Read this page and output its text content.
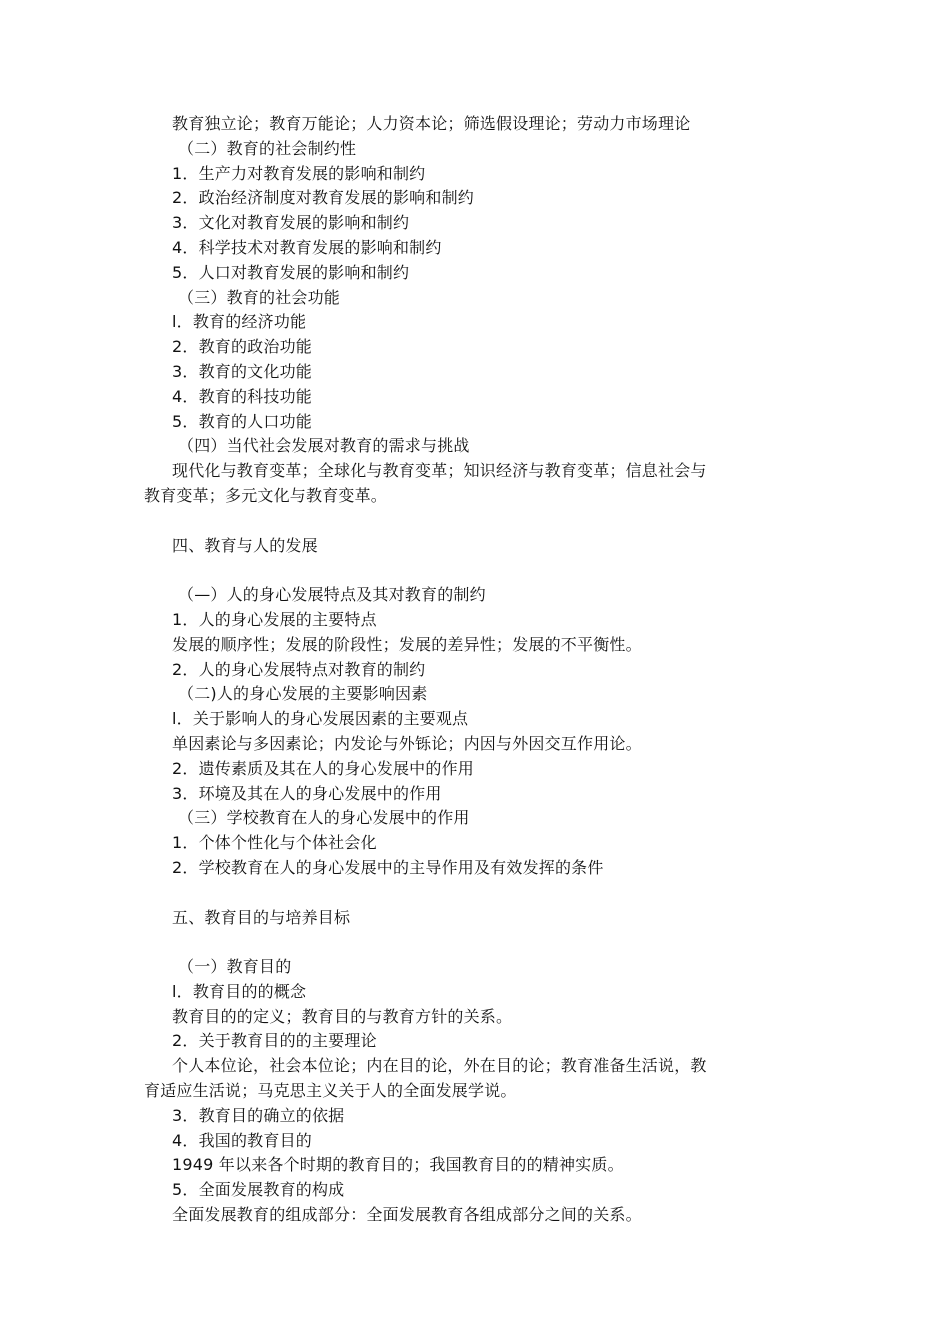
教育独立论；教育万能论；人力资本论；筛选假设理论；劳动力市场理论
（二）教育的社会制约性
1．生产力对教育发展的影响和制约
2．政治经济制度对教育发展的影响和制约
3．文化对教育发展的影响和制约
4．科学技术对教育发展的影响和制约
5．人口对教育发展的影响和制约
（三）教育的社会功能
l．教育的经济功能
2．教育的政治功能
3．教育的文化功能
4．教育的科技功能
5．教育的人口功能
（四）当代社会发展对教育的需求与挑战
现代化与教育变革；全球化与教育变革；知识经济与教育变革；信息社会与
教育变革；多元文化与教育变革。
四、教育与人的发展
（—）人的身心发展特点及其对教育的制约
1．人的身心发展的主要特点
发展的顺序性；发展的阶段性；发展的差异性；发展的不平衡性。
2．人的身心发展特点对教育的制约
（二)人的身心发展的主要影响因素
l．关于影响人的身心发展因素的主要观点
单因素论与多因素论；内发论与外铄论；内因与外因交互作用论。
2．遗传素质及其在人的身心发展中的作用
3．环境及其在人的身心发展中的作用
（三）学校教育在人的身心发展中的作用
1．个体个性化与个体社会化
2．学校教育在人的身心发展中的主导作用及有效发挥的条件
五、教育目的与培养目标
（一）教育目的
l．教育目的的概念
教育目的的定义；教育目的与教育方针的关系。
2．关于教育目的的主要理论
个人本位论，社会本位论；内在目的论，外在目的论；教育准备生活说，教
育适应生活说；马克思主义关于人的全面发展学说。
3．教育目的确立的依据
4．我国的教育目的
1949 年以来各个时期的教育目的；我国教育目的的精神实质。
5．全面发展教育的构成
全面发展教育的组成部分：全面发展教育各组成部分之间的关系。
